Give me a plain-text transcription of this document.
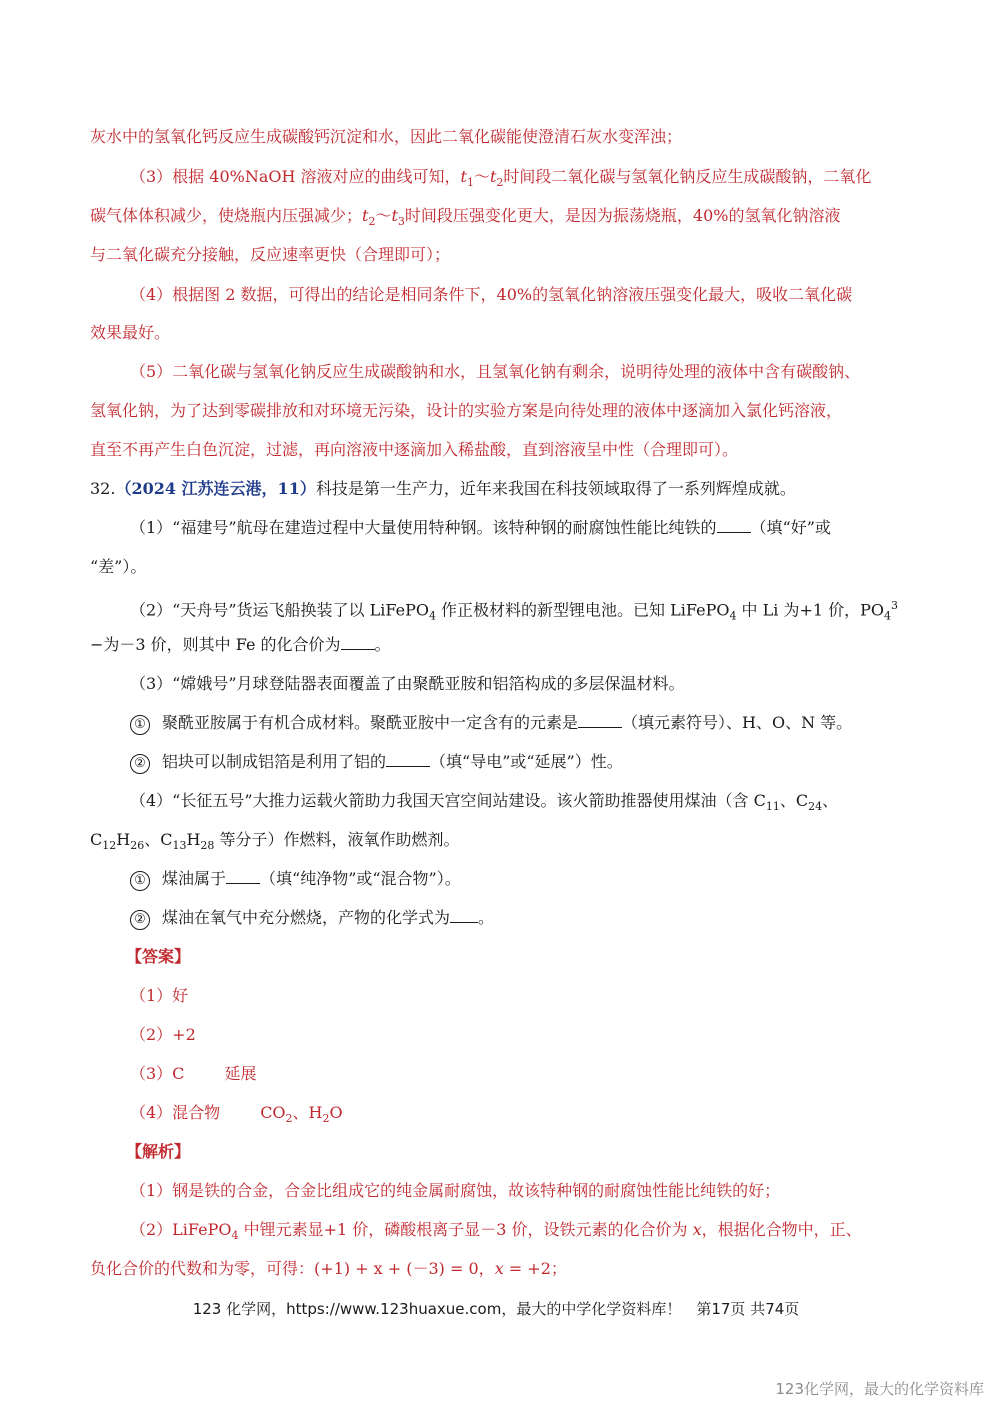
灰水中的氢氧化钙反应生成碳酸钙沉淀和水，因此二氧化碳能使澄清石灰水变浑浊；
（3）根据 40%NaOH 溶液对应的曲线可知，$t_1\sim t_2$时间段二氧化碳与氢氧化钠反应生成碳酸钠，二氧化
碳气体体积减少，使烧瓶内压强减少；$t_2\sim t_3$时间段压强变化更大，是因为振荡烧瓶，40%的氢氧化钠溶液
与二氧化碳充分接触，反应速率更快（合理即可）；
（4）根据图 2 数据，可得出的结论是相同条件下，40%的氢氧化钠溶液压强变化最大，吸收二氧化碳
效果最好。
（5）二氧化碳与氢氧化钠反应生成碳酸钠和水，且氢氧化钠有剩余，说明待处理的液体中含有碳酸钠、
氢氧化钠，为了达到零碳排放和对环境无污染，设计的实验方案是向待处理的液体中逐滴加入氯化钙溶液，
直至不再产生白色沉淀，过滤，再向溶液中逐滴加入稀盐酸，直到溶液呈中性（合理即可）。
32.（2024 江苏连云港，11）科技是第一生产力，近年来我国在科技领域取得了一系列辉煌成就。
（1）“福建号”航母在建造过程中大量使用特种钢。该特种钢的耐腐蚀性能比纯铁的 （填“好”或
“差”）。
（2）“天舟号”货运飞船换装了以 LiFePO$_4$ 作正极材料的新型锂电池。已知 LiFePO$_4$ 中 Li 为+1 价，$PO_4^3$
−为－3 价，则其中 Fe 的化合价为 。
（3）“嫦娥号”月球登陆器表面覆盖了由聚酰亚胺和铝箔构成的多层保温材料。
① 聚酰亚胺属于有机合成材料。聚酰亚胺中一定含有的元素是	（填元素符号）、H、O、N 等。
② 铝块可以制成铝箔是利用了铝的	（填“导电”或“延展”）性。
（4）“长征五号”大推力运载火箭助力我国天宫空间站建设。该火箭助推器使用煤油（含 $C_{11}$、$C_{24}$、
$C_{12}H_{26}$、$C_{13}H_{28}$ 等分子）作燃料，液氧作助燃剂。
① 煤油属于 （填“纯净物”或“混合物”）。
② 煤油在氧气中充分燃烧，产物的化学式为 。
【答案】
（1）好
（2）+2
（3）C	延展
（4）混合物	$CO_2$、$H_2O$
【解析】
（1）钢是铁的合金，合金比组成它的纯金属耐腐蚀，故该特种钢的耐腐蚀性能比纯铁的好；
（2）LiFePO$_4$ 中锂元素显+1 价，磷酸根离子显－3 价，设铁元素的化合价为 x，根据化合物中，正、
负化合价的代数和为零，可得：(+1) + x + (－3) = 0，x = +2；
123 化学网，https://www.123huaxue.com，最大的中学化学资料库！　第17页 共74页
123化学网，最大的化学资料库
